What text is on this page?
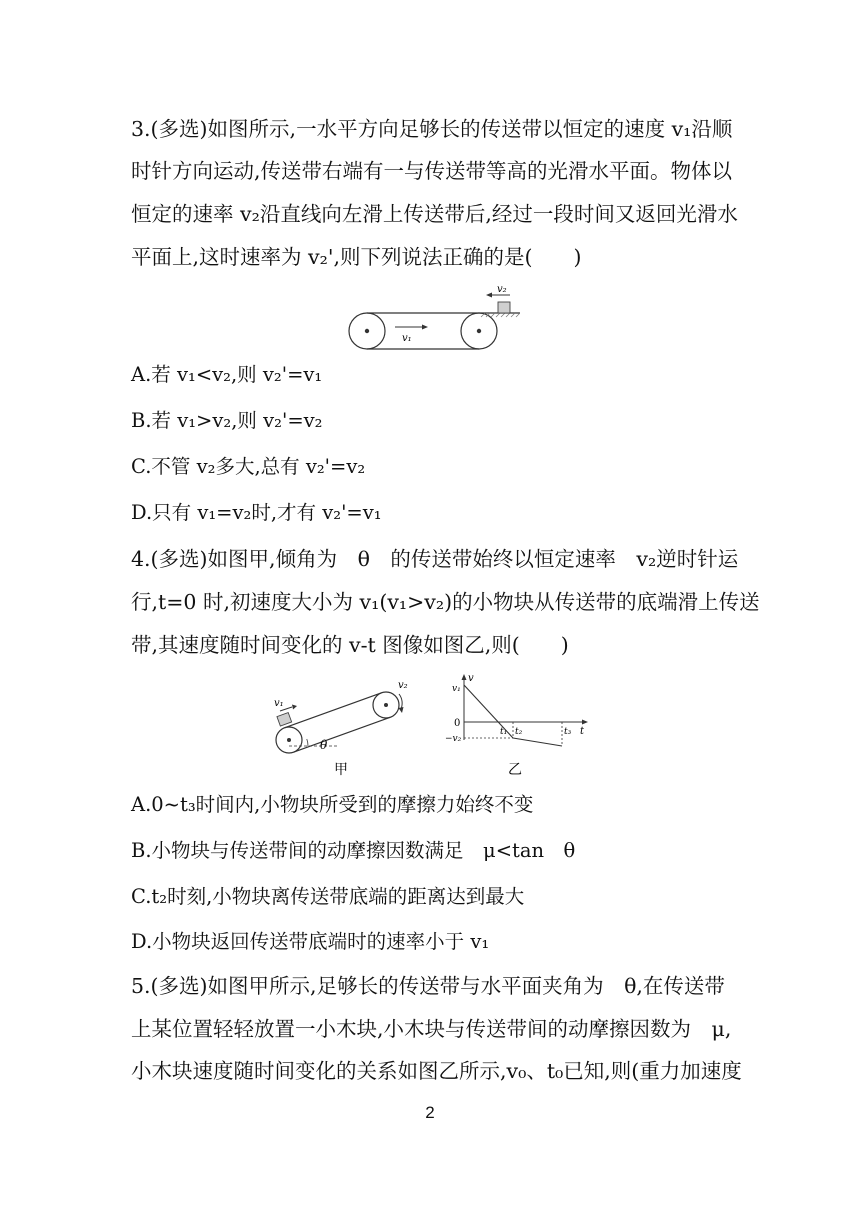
3.(多选)如图所示,一水平方向足够长的传送带以恒定的速度 v₁沿顺
时针方向运动,传送带右端有一与传送带等高的光滑水平面。物体以
恒定的速率 v₂沿直线向左滑上传送带后,经过一段时间又返回光滑水
平面上,这时速率为 v₂',则下列说法正确的是(　　)
v₁
v₂
A.若 v₁<v₂,则 v₂'=v₁
B.若 v₁>v₂,则 v₂'=v₂
C.不管 v₂多大,总有 v₂'=v₂
D.只有 v₁=v₂时,才有 v₂'=v₁
4.(多选)如图甲,倾角为　θ　的传送带始终以恒定速率　v₂逆时针运
行,t=0 时,初速度大小为 v₁(v₁>v₂)的小物块从传送带的底端滑上传送
带,其速度随时间变化的 v-t 图像如图乙,则(　　)
v₁
v₂
θ
甲
v
t
v₁
0
−v₂
t₁ t₂	t₃
乙
A.0~t₃时间内,小物块所受到的摩擦力始终不变
B.小物块与传送带间的动摩擦因数满足　μ<tan　θ
C.t₂时刻,小物块离传送带底端的距离达到最大
D.小物块返回传送带底端时的速率小于 v₁
5.(多选)如图甲所示,足够长的传送带与水平面夹角为　θ,在传送带
上某位置轻轻放置一小木块,小木块与传送带间的动摩擦因数为　μ,
小木块速度随时间变化的关系如图乙所示,v₀、t₀已知,则(重力加速度
2
